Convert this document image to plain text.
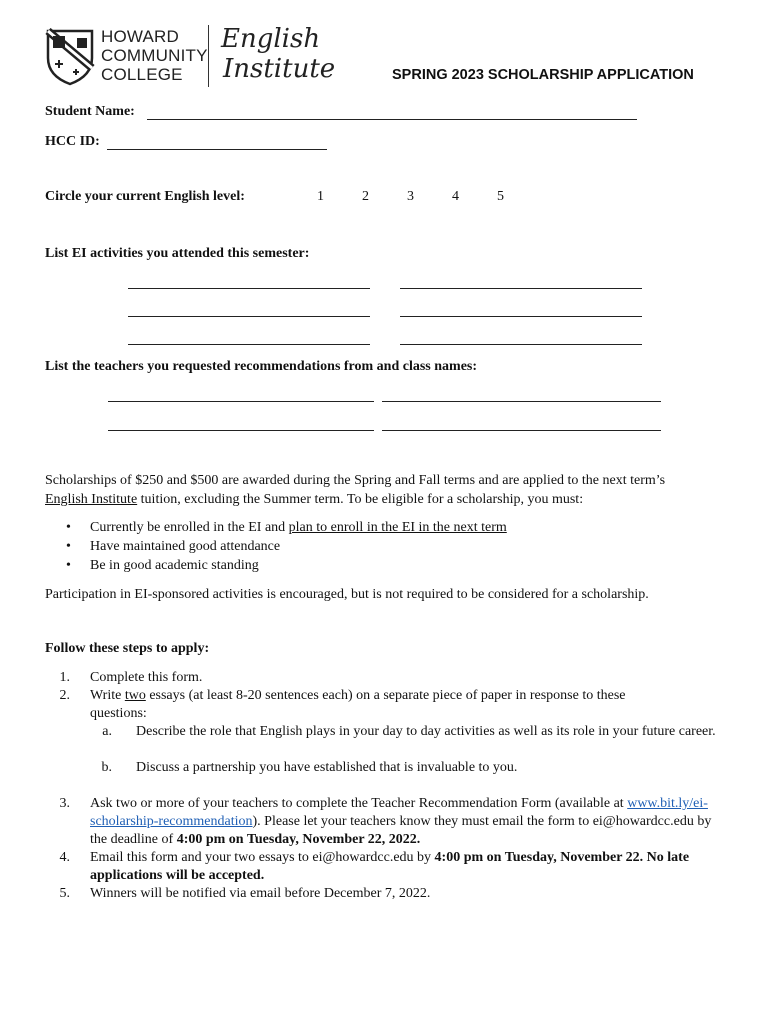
HOWARD
COMMUNITY
COLLEGE
English
Institute	SPRING 2023 SCHOLARSHIP APPLICATION
Student Name:
HCC ID:
Circle your current English level:	1	2	3	4	5
List EI activities you attended this semester:
List the teachers you requested recommendations from and class names:
Scholarships of $250 and $500 are awarded during the Spring and Fall terms and are applied to the next term’s
English Institute tuition, excluding the Summer term. To be eligible for a scholarship, you must:
• Currently be enrolled in the EI and plan to enroll in the EI in the next term
• Have maintained good attendance
• Be in good academic standing
Participation in EI-sponsored activities is encouraged, but is not required to be considered for a scholarship.
Follow these steps to apply:
1.	Complete this form.
2.	Write two essays (at least 8-20 sentences each) on a separate piece of paper in response to these questions:
a.	Describe the role that English plays in your day to day activities as well as its role in your future career.
b.	Discuss a partnership you have established that is invaluable to you.
3.	Ask two or more of your teachers to complete the Teacher Recommendation Form (available at www.bit.ly/ei-scholarship-recommendation). Please let your teachers know they must email the form to ei@howardcc.edu by the deadline of 4:00 pm on Tuesday, November 22, 2022.
4.	Email this form and your two essays to ei@howardcc.edu by 4:00 pm on Tuesday, November 22. No late applications will be accepted.
5.	Winners will be notified via email before December 7, 2022.
